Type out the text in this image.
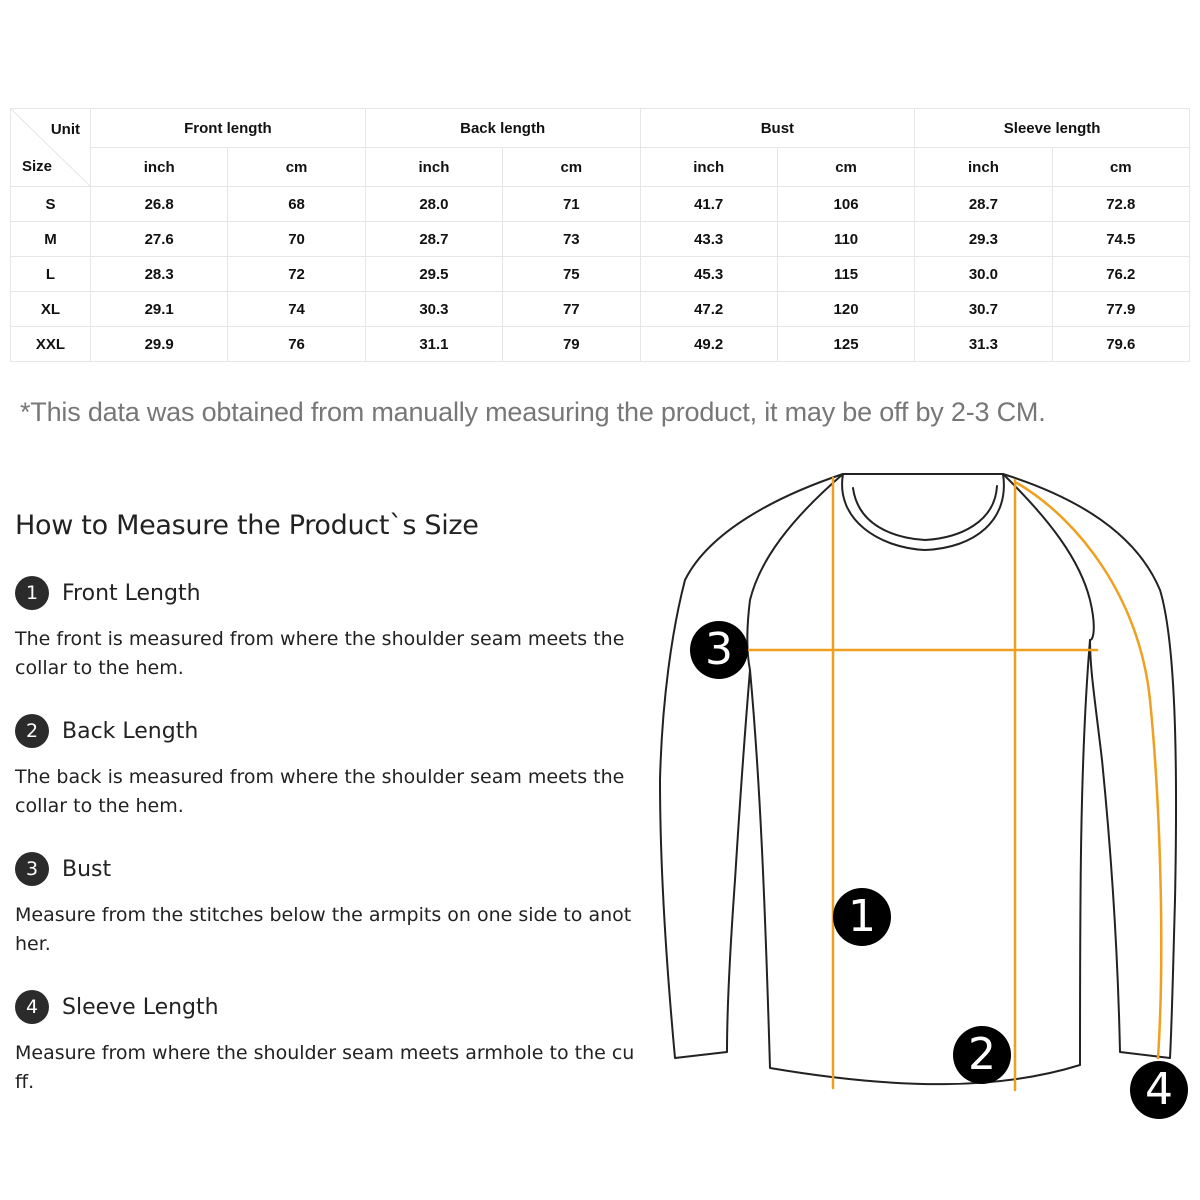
Unit
Size	Front length		Back length		Bust		Sleeve length	
	inch	cm	inch	cm	inch	cm	inch	cm
S	26.8	68	28.0	71	41.7	106	28.7	72.8
M	27.6	70	28.7	73	43.3	110	29.3	74.5
L	28.3	72	29.5	75	45.3	115	30.0	76.2
XL	29.1	74	30.3	77	47.2	120	30.7	77.9
XXL	29.9	76	31.1	79	49.2	125	31.3	79.6
*This data was obtained from manually measuring the product, it may be off by 2-3 CM.
How to Measure the Product`s Size
1	Front Length
The front is measured from where the shoulder seam meets the collar to the hem.
2	Back Length
The back is measured from where the shoulder seam meets the collar to the hem.
3	Bust
Measure from the stitches below the armpits on one side to another.
4	Sleeve Length
Measure from where the shoulder seam meets armhole to the cuff.
1
2
3
4
